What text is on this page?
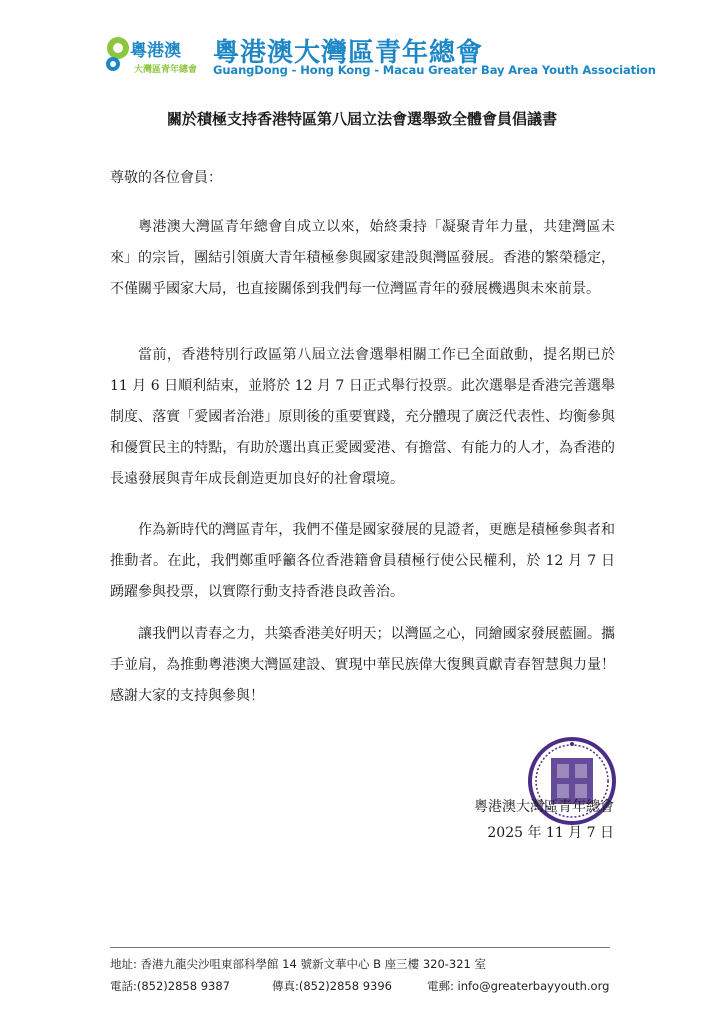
粵港澳
大灣區青年總會
粵港澳大灣區青年總會
GuangDong - Hong Kong - Macau Greater Bay Area Youth Association
關於積極支持香港特區第八屆立法會選舉致全體會員倡議書
尊敬的各位會員：

粵港澳大灣區青年總會自成立以來，始終秉持「凝聚青年力量，共建灣區未來」的宗旨，團結引領廣大青年積極參與國家建設與灣區發展。香港的繁榮穩定，不僅關乎國家大局，也直接關係到我們每一位灣區青年的發展機遇與未來前景。

當前，香港特別行政區第八屆立法會選舉相關工作已全面啟動，提名期已於 11 月 6 日順利結束，並將於 12 月 7 日正式舉行投票。此次選舉是香港完善選舉制度、落實「愛國者治港」原則後的重要實踐，充分體現了廣泛代表性、均衡參與和優質民主的特點，有助於選出真正愛國愛港、有擔當、有能力的人才，為香港的長遠發展與青年成長創造更加良好的社會環境。

作為新時代的灣區青年，我們不僅是國家發展的見證者，更應是積極參與者和推動者。在此，我們鄭重呼籲各位香港籍會員積極行使公民權利，於 12 月 7 日踴躍參與投票，以實際行動支持香港良政善治。

讓我們以青春之力，共築香港美好明天；以灣區之心，同繪國家發展藍圖。攜手並肩，為推動粵港澳大灣區建設、實現中華民族偉大復興貢獻青春智慧與力量！感謝大家的支持與參與！

粵港澳大灣區青年總會
2025 年 11 月 7 日
地址: 香港九龍尖沙咀東部科學館 14 號新文華中心 B 座三樓 320-321 室
電話:(852)2858 9387	傳真:(852)2858 9396	電郵: info@greaterbayyouth.org
